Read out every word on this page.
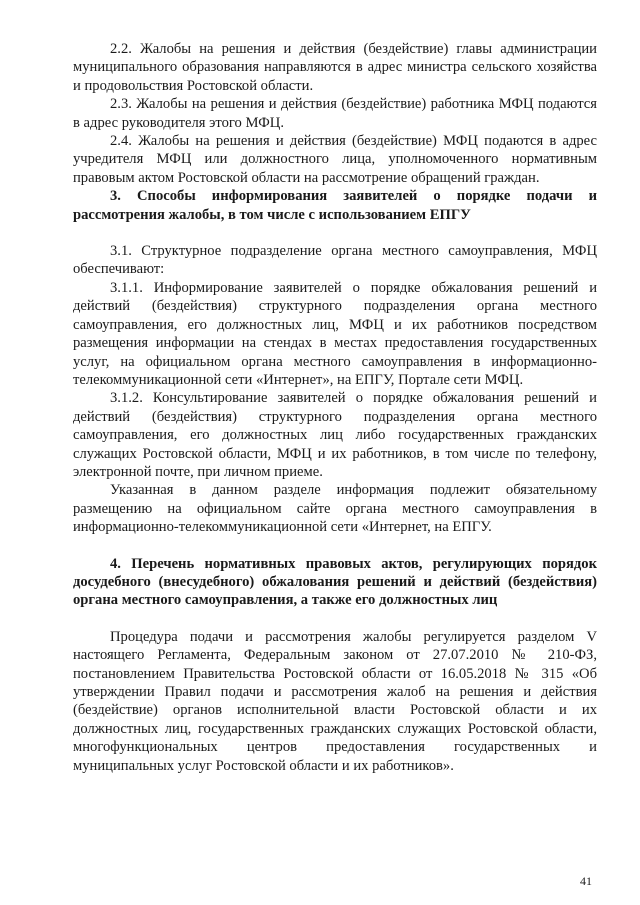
2.2. Жалобы на решения и действия (бездействие) главы администрации муниципального образования направляются в адрес министра сельского хозяйства и продовольствия Ростовской области.

2.3. Жалобы на решения и действия (бездействие) работника МФЦ подаются в адрес руководителя этого МФЦ.

2.4. Жалобы на решения и действия (бездействие) МФЦ подаются в адрес учредителя МФЦ или должностного лица, уполномоченного нормативным правовым актом Ростовской области на рассмотрение обращений граждан.

3. Способы информирования заявителей о порядке подачи и рассмотрения жалобы, в том числе с использованием ЕПГУ

3.1. Структурное подразделение органа местного самоуправления, МФЦ обеспечивают:

3.1.1. Информирование заявителей о порядке обжалования решений и действий (бездействия) структурного подразделения органа местного самоуправления, его должностных лиц, МФЦ и их работников посредством размещения информации на стендах в местах предоставления государственных услуг, на официальном органа местного самоуправления в информационно-телекоммуникационной сети «Интернет», на ЕПГУ, Портале сети МФЦ.

3.1.2. Консультирование заявителей о порядке обжалования решений и действий (бездействия) структурного подразделения органа местного самоуправления, его должностных лиц либо государственных гражданских служащих Ростовской области, МФЦ и их работников, в том числе по телефону, электронной почте, при личном приеме.

Указанная в данном разделе информация подлежит обязательному размещению на официальном сайте органа местного самоуправления в информационно-телекоммуникационной сети «Интернет, на ЕПГУ.

4. Перечень нормативных правовых актов, регулирующих порядок досудебного (внесудебного) обжалования решений и действий (бездействия) органа местного самоуправления, а также его должностных лиц

Процедура подачи и рассмотрения жалобы регулируется разделом V настоящего Регламента, Федеральным законом от 27.07.2010 № 210-ФЗ, постановлением Правительства Ростовской области от 16.05.2018 № 315 «Об утверждении Правил подачи и рассмотрения жалоб на решения и действия (бездействие) органов исполнительной власти Ростовской области и их должностных лиц, государственных гражданских служащих Ростовской области, многофункциональных центров предоставления государственных и муниципальных услуг Ростовской области и их работников».

41
